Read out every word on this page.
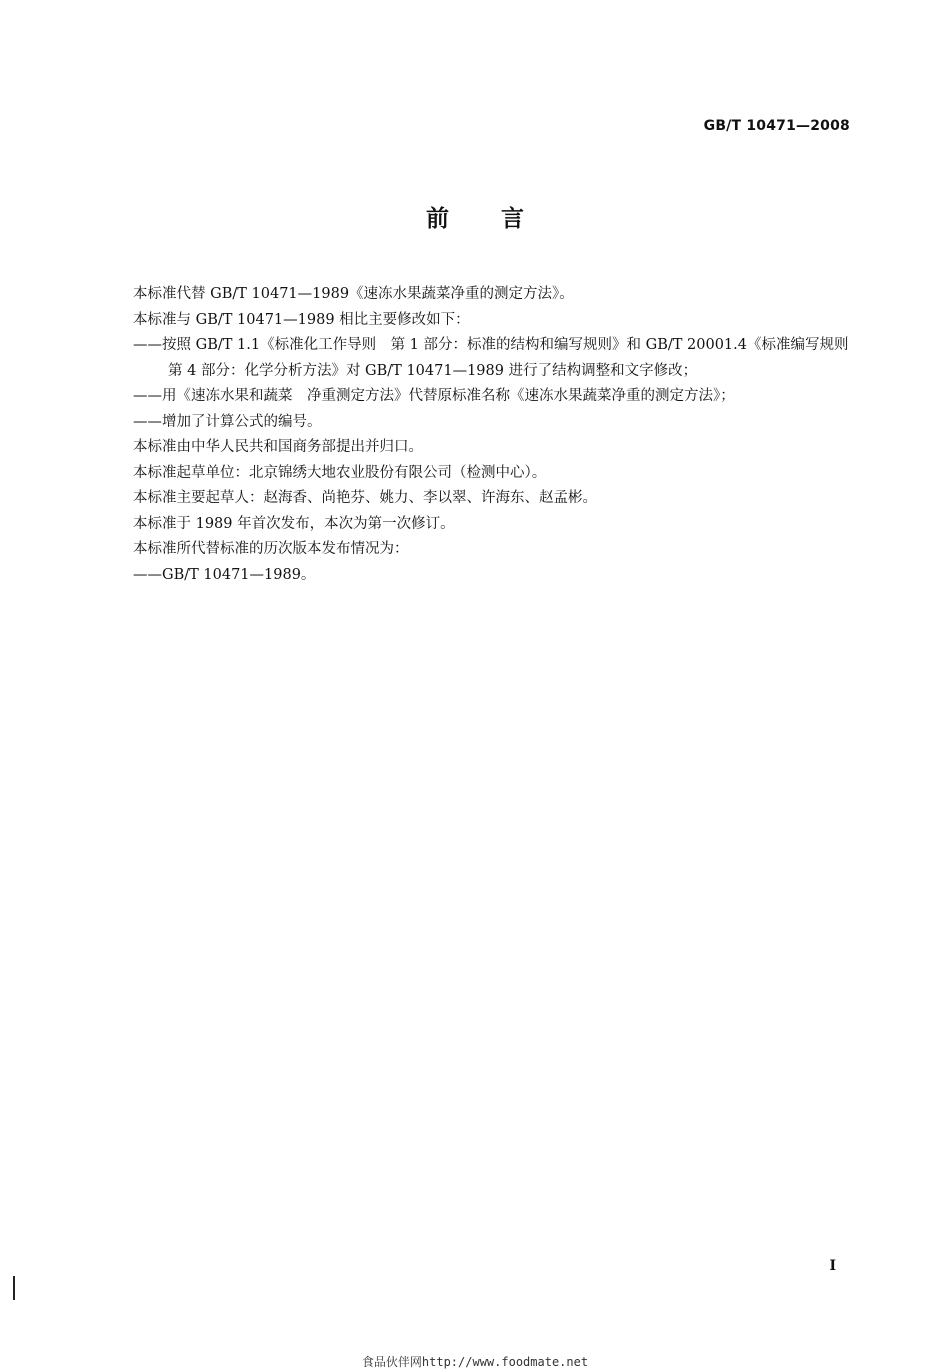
GB/T 10471—2008
前言

本标准代替 GB/T 10471—1989《速冻水果蔬菜净重的测定方法》。

本标准与 GB/T 10471—1989 相比主要修改如下：

——按照 GB/T 1.1《标准化工作导则　第 1 部分：标准的结构和编写规则》和 GB/T 20001.4《标准编写规则　第 4 部分：化学分析方法》对 GB/T 10471—1989 进行了结构调整和文字修改；

——用《速冻水果和蔬菜　净重测定方法》代替原标准名称《速冻水果蔬菜净重的测定方法》；

——增加了计算公式的编号。

本标准由中华人民共和国商务部提出并归口。

本标准起草单位：北京锦绣大地农业股份有限公司（检测中心）。

本标准主要起草人：赵海香、尚艳芬、姚力、李以翠、许海东、赵孟彬。

本标准于 1989 年首次发布，本次为第一次修订。

本标准所代替标准的历次版本发布情况为：

——GB/T 10471—1989。

I
食品伙伴网http://www.foodmate.net
